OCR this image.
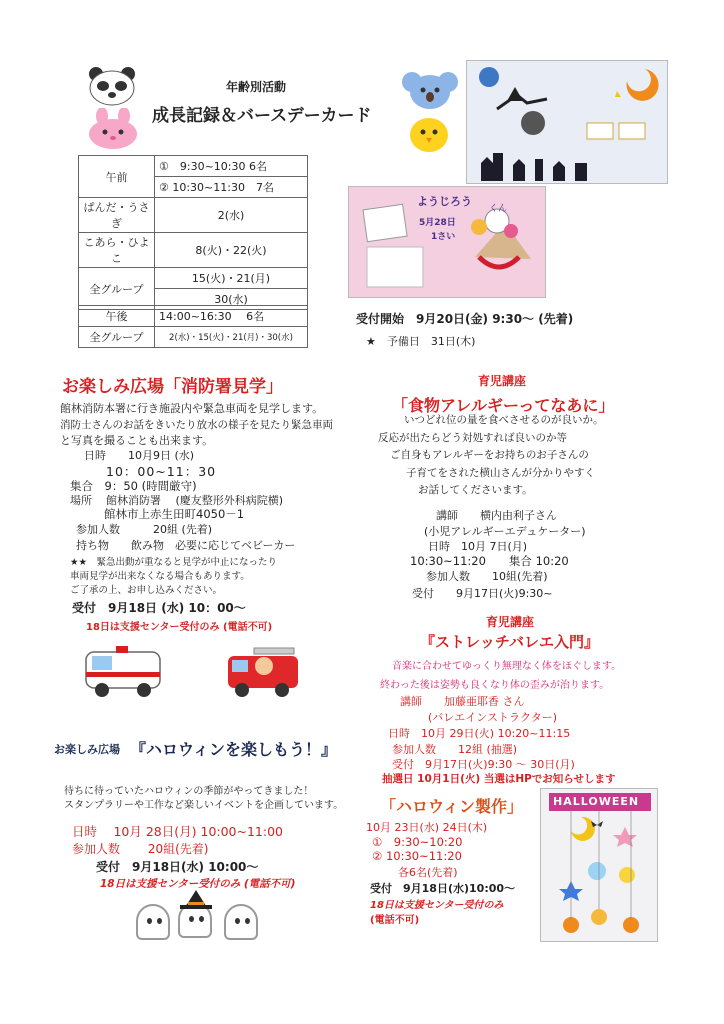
年齢別活動
成長記録＆バースデーカード
ようじろう
くん
5月28日
1さい
受付開始　9月20日(金) 9:30～ (先着)
★　予備日　31日(木)
午前	①　9:30~10:30 6名
	② 10:30~11:30　7名
ぱんだ・うさぎ	2(水)
こあら・ひよこ	8(火)・22(火)
全グループ	15(火)・21(月)
	30(水)
午後	14:00~16:30　 6名
全グループ	2(水)・15(火)・21(月)・30(水)
お楽しみ広場「消防署見学」
館林消防本署に行き施設内や緊急車両を見学します。
消防士さんのお話をきいたり放水の様子を見たり緊急車両
と写真を撮ることも出来ます。
日時 10月9日 (水)
10：00~11：30
集合　9：50 (時間厳守)
場所 館林消防署　 (慶友整形外科病院横)
館林市上赤生田町4050－1
参加人数　　　20組 (先着)
持ち物　　飲み物　必要に応じてベビーカー
★★　緊急出動が重なると見学が中止になったり
車両見学が出来なくなる場合もあります。
ご了承の上、お申し込みください。
受付　9月18日 (水) 10：00～
18日は支援センター受付のみ (電話不可)
お楽しみ広場 『ハロウィンを楽しもう！』
待ちに待っていたハロウィンの季節がやってきました！
スタンプラリーや工作など楽しいイベントを企画しています。
日時　 10月 28日(月) 10:00~11:00
参加人数　　 20組(先着)
受付　9月18日(水) 10:00～
18日は支援センター受付のみ (電話不可)
育児講座
「食物アレルギーってなあに」
いつどれ位の量を食べさせるのが良いか。
反応が出たらどう対処すれば良いのか等
ご自身もアレルギーをお持ちのお子さんの
子育てをされた横山さんが分かりやすく
お話してくださいます。
講師　　横内由利子さん
(小児アレルギーエデュケーター)
日時　10月 7日(月)
10:30~11:20　　集合 10:20
参加人数　　10組(先着)
受付　　9月17日(火)9:30~
育児講座
『ストレッチバレエ入門』
音楽に合わせてゆっくり無理なく体をほぐします。
終わった後は姿勢も良くなり体の歪みが治ります。
講師　　加藤亜耶香 さん
(バレエインストラクター)
日時　10月 29日(火) 10:20~11:15
参加人数　　12組 (抽選)
受付　9月17日(火)9:30 ～ 30日(月)
抽選日 10月1日(火) 当選はHPでお知らせします
「ハロウィン製作」
10月 23日(水) 24日(木)
①　9:30~10:20
② 10:30~11:20
各6名(先着)
受付　9月18日(水)10:00～
18日は支援センター受付のみ
(電話不可)
HALLOWEEN
